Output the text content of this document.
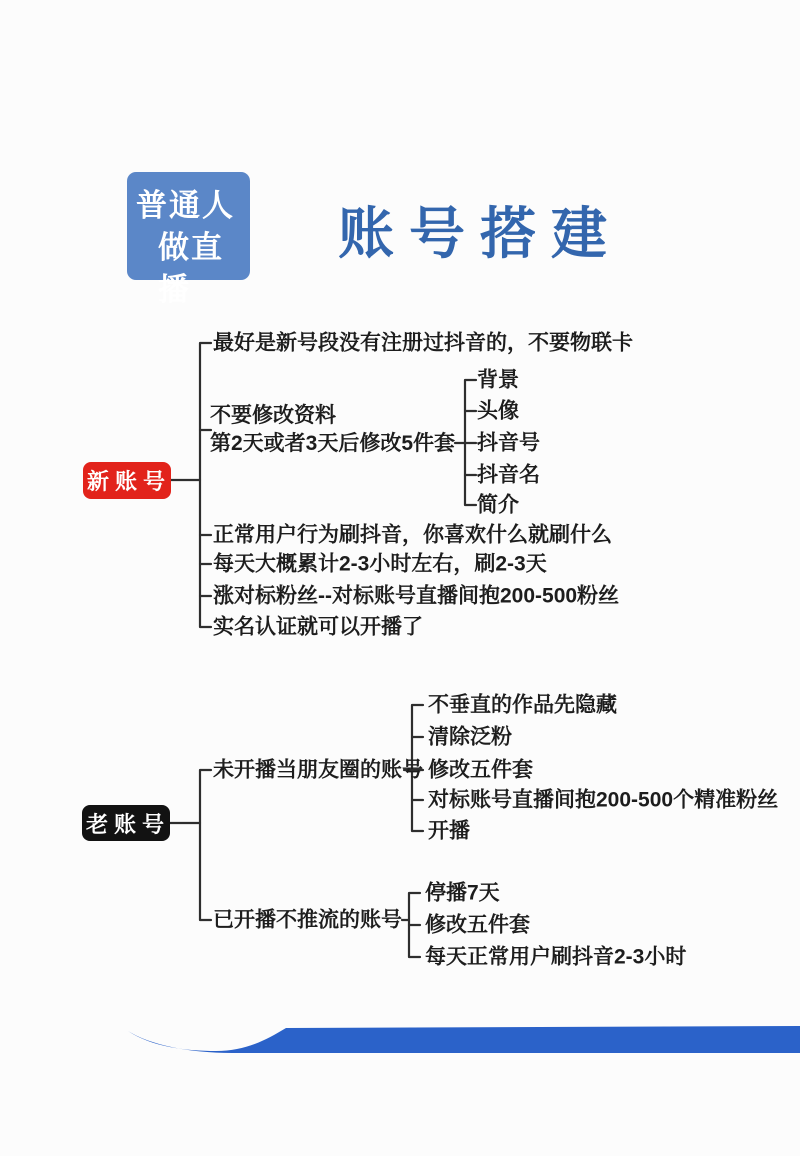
普通人
做直播
账号搭建
新账号
老账号
最好是新号段没有注册过抖音的，不要物联卡
不要修改资料
第2天或者3天后修改5件套
背景
头像
抖音号
抖音名
简介
正常用户行为刷抖音，你喜欢什么就刷什么
每天大概累计2-3小时左右，刷2-3天
涨对标粉丝--对标账号直播间抱200-500粉丝
实名认证就可以开播了
未开播当朋友圈的账号
不垂直的作品先隐藏
清除泛粉
修改五件套
对标账号直播间抱200-500个精准粉丝
开播
已开播不推流的账号
停播7天
修改五件套
每天正常用户刷抖音2-3小时
